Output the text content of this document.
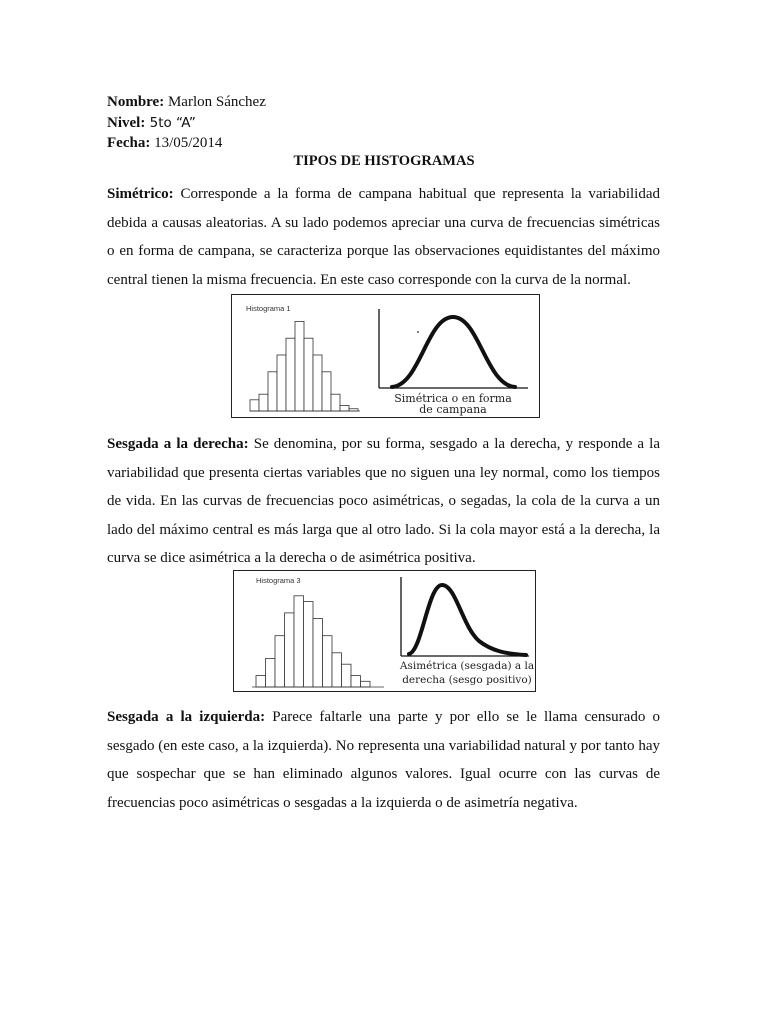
Nombre: Marlon Sánchez
Nivel: 5to “A”
Fecha: 13/05/2014
TIPOS DE HISTOGRAMAS

Simétrico: Corresponde a la forma de campana habitual que representa la variabilidad debida a causas aleatorias. A su lado podemos apreciar una curva de frecuencias simétricas o en forma de campana, se caracteriza porque las observaciones equidistantes del máximo central tienen la misma frecuencia. En este caso corresponde con la curva de la normal.

Histograma 1
Simétrica o en forma
de campana

Sesgada a la derecha: Se denomina, por su forma, sesgado a la derecha, y responde a la variabilidad que presenta ciertas variables que no siguen una ley normal, como los tiempos de vida. En las curvas de frecuencias poco asimétricas, o segadas, la cola de la curva a un lado del máximo central es más larga que al otro lado. Si la cola mayor está a la derecha, la curva se dice asimétrica a la derecha o de asimétrica positiva.

Histograma 3
Asimétrica (sesgada) a la
derecha (sesgo positivo)

Sesgada a la izquierda: Parece faltarle una parte y por ello se le llama censurado o sesgado (en este caso, a la izquierda). No representa una variabilidad natural y por tanto hay que sospechar que se han eliminado algunos valores. Igual ocurre con las curvas de frecuencias poco asimétricas o sesgadas a la izquierda o de asimetría negativa.
